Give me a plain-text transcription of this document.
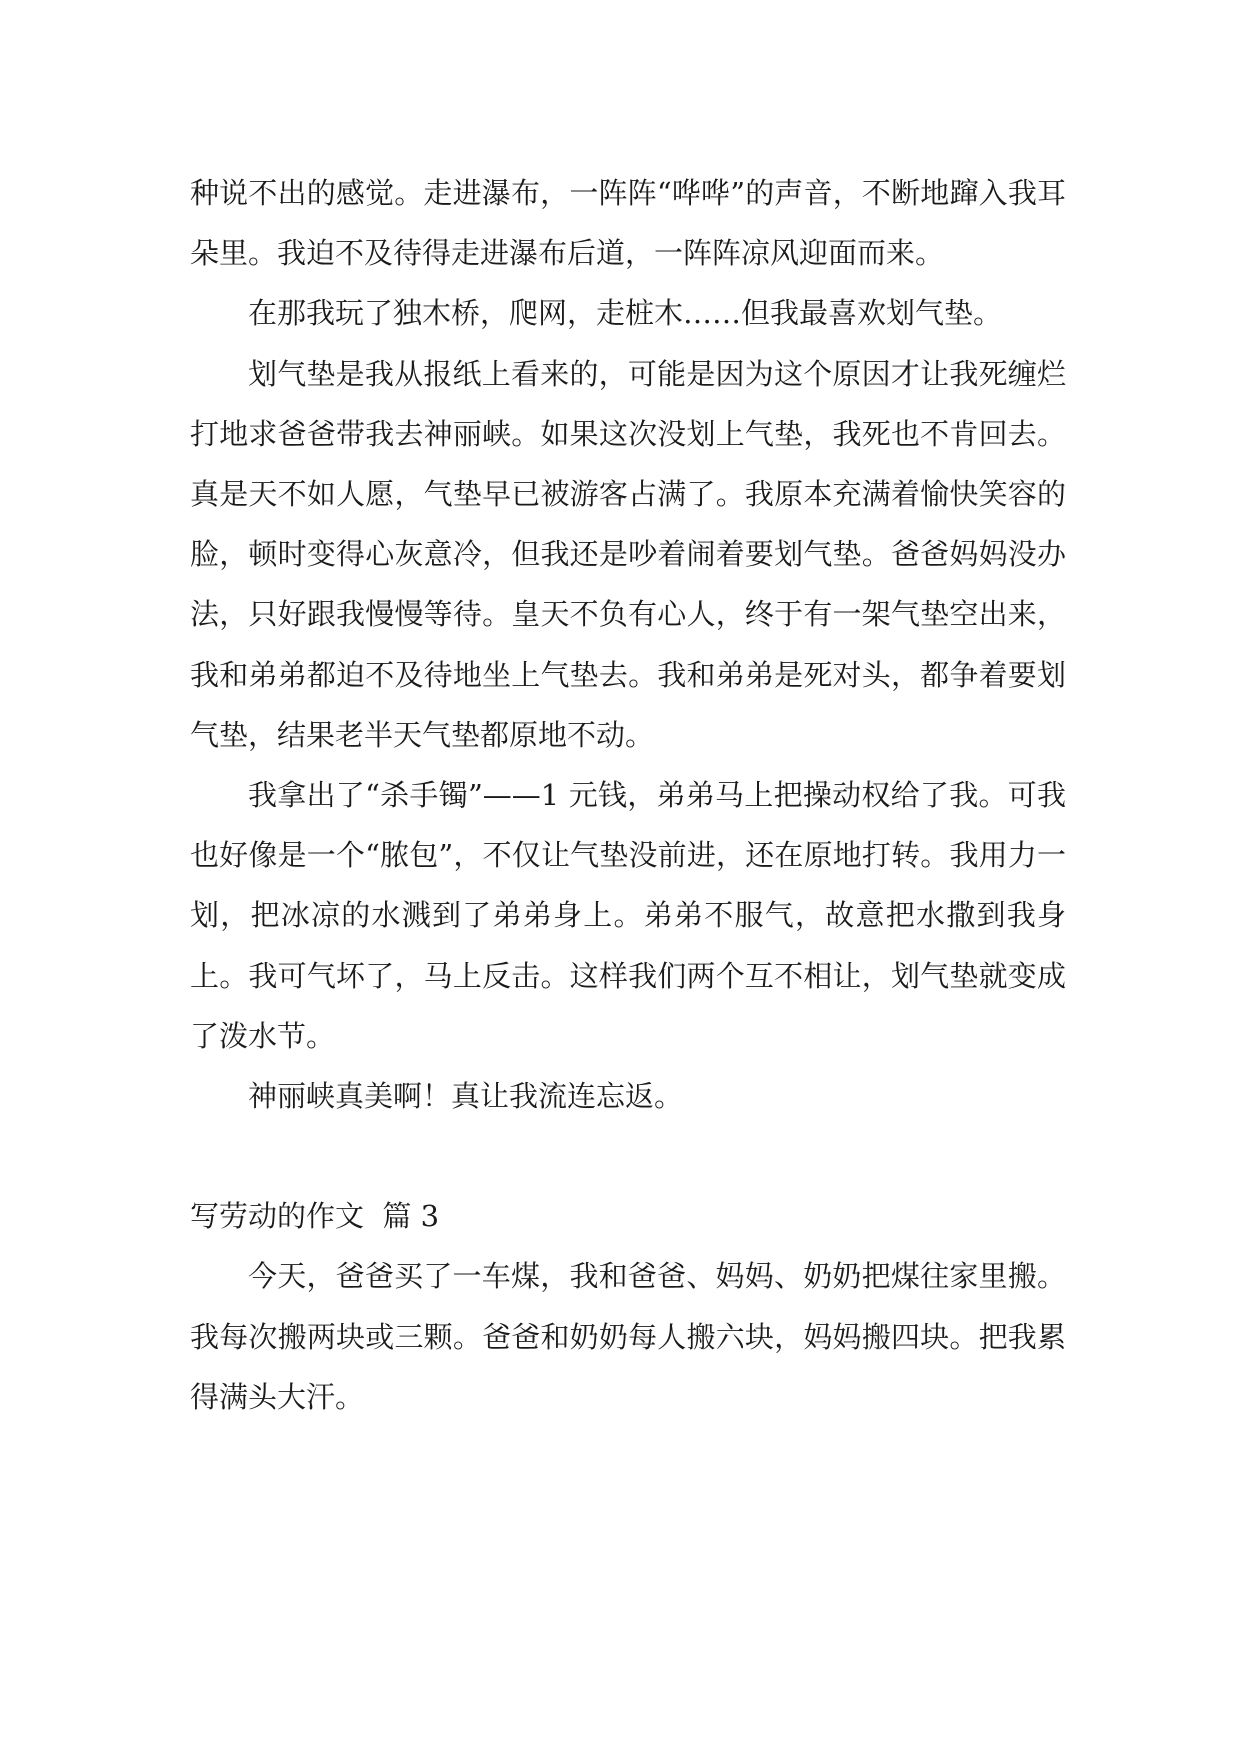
种说不出的感觉。走进瀑布，一阵阵“哗哗”的声音，不断地蹿入我耳朵里。我迫不及待得走进瀑布后道，一阵阵凉风迎面而来。

在那我玩了独木桥，爬网，走桩木……但我最喜欢划气垫。

划气垫是我从报纸上看来的，可能是因为这个原因才让我死缠烂打地求爸爸带我去神丽峡。如果这次没划上气垫，我死也不肯回去。真是天不如人愿，气垫早已被游客占满了。我原本充满着愉快笑容的脸，顿时变得心灰意冷，但我还是吵着闹着要划气垫。爸爸妈妈没办法，只好跟我慢慢等待。皇天不负有心人，终于有一架气垫空出来，我和弟弟都迫不及待地坐上气垫去。我和弟弟是死对头，都争着要划气垫，结果老半天气垫都原地不动。

我拿出了“杀手镯”——1 元钱，弟弟马上把操动权给了我。可我也好像是一个“脓包”，不仅让气垫没前进，还在原地打转。我用力一划，把冰凉的水溅到了弟弟身上。弟弟不服气，故意把水撒到我身上。我可气坏了，马上反击。这样我们两个互不相让，划气垫就变成了泼水节。

神丽峡真美啊！真让我流连忘返。

写劳动的作文  篇 3

今天，爸爸买了一车煤，我和爸爸、妈妈、奶奶把煤往家里搬。我每次搬两块或三颗。爸爸和奶奶每人搬六块，妈妈搬四块。把我累得满头大汗。
